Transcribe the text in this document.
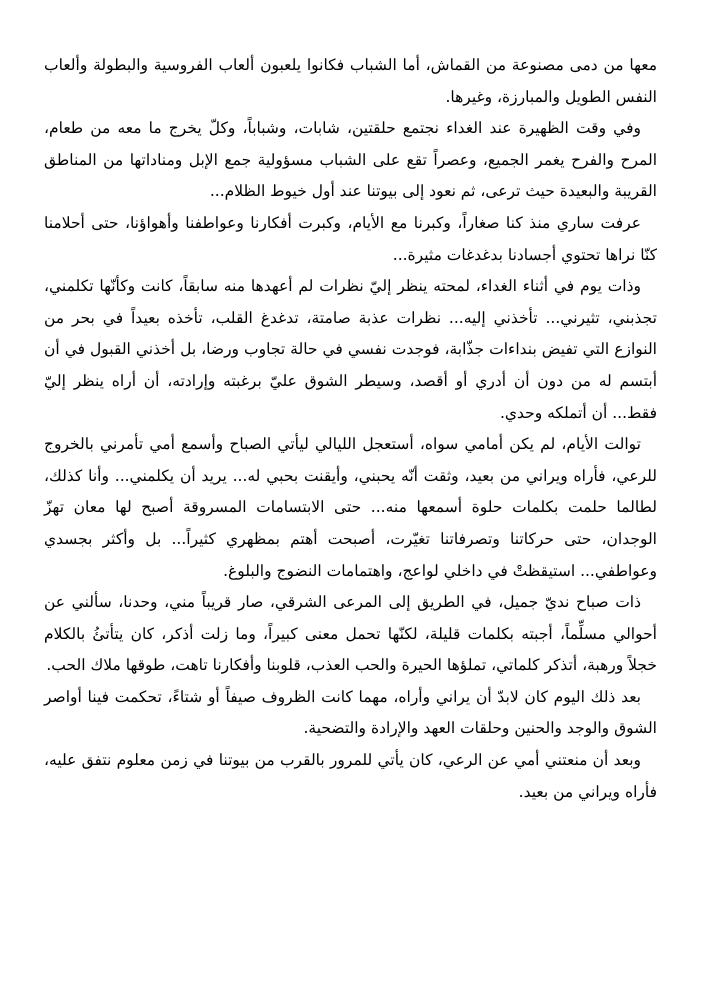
معها من دمى مصنوعة من القماش، أما الشباب فكانوا يلعبون ألعاب الفروسية والبطولة وألعاب النفس الطويل والمبارزة، وغيرها.

وفي وقت الظهيرة عند الغداء نجتمع حلقتين، شابات، وشباباً، وكلّ يخرج ما معه من طعام، المرح والفرح يغمر الجميع، وعصراً تقع على الشباب مسؤولية جمع الإبل ومناداتها من المناطق القريبة والبعيدة حيث ترعى، ثم نعود إلى بيوتنا عند أول خيوط الظلام...

عرفت ساري منذ كنا صغاراً، وكبرنا مع الأيام، وكبرت أفكارنا وعواطفنا وأهواؤنا، حتى أحلامنا كنّا نراها تحتوي أجسادنا بدغدغات مثيرة...

وذات يوم في أثناء الغداء، لمحته ينظر إليّ نظرات لم أعهدها منه سابقاً، كانت وكأنّها تكلمني، تجذبني، تثيرني... تأخذني إليه... نظرات عذبة صامتة، تدغدغ القلب، تأخذه بعيداً في بحر من النوازع التي تفيض بنداءات جذّابة، فوجدت نفسي في حالة تجاوب ورضا، بل أخذني القبول في أن أبتسم له من دون أن أدري أو أقصد، وسيطر الشوق عليّ برغبته وإرادته، أن أراه ينظر إليّ فقط... أن أتملكه وحدي.

توالت الأيام، لم يكن أمامي سواه، أستعجل الليالي ليأتي الصباح وأسمع أمي تأمرني بالخروج للرعي، فأراه ويراني من بعيد، وثقت أنّه يحبني، وأيقنت بحبي له... يريد أن يكلمني... وأنا كذلك، لطالما حلمت بكلمات حلوة أسمعها منه... حتى الابتسامات المسروقة أصبح لها معان تهزّ الوجدان، حتى حركاتنا وتصرفاتنا تغيّرت، أصبحت أهتم بمظهري كثيراً... بل وأكثر بجسدي وعواطفي... استيقظتْ في داخلي لواعج، واهتمامات النضوج والبلوغ.

ذات صباح نديّ جميل، في الطريق إلى المرعى الشرقي، صار قريباً مني، وحدنا، سألني عن أحوالي مسلِّماً، أجبته بكلمات قليلة، لكنّها تحمل معنى كبيراً، وما زلت أذكر، كان يتأتئُ بالكلام خجلاً ورهبة، أتذكر كلماتي، تملؤها الحيرة والحب العذب، قلوبنا وأفكارنا تاهت، طوقها ملاك الحب.

بعد ذلك اليوم كان لابدّ أن يراني وأراه، مهما كانت الظروف صيفاً أو شتاءً، تحكمت فينا أواصر الشوق والوجد والحنين وحلقات العهد والإرادة والتضحية.

وبعد أن منعتني أمي عن الرعي، كان يأتي للمرور بالقرب من بيوتنا في زمن معلوم نتفق عليه، فأراه ويراني من بعيد.
